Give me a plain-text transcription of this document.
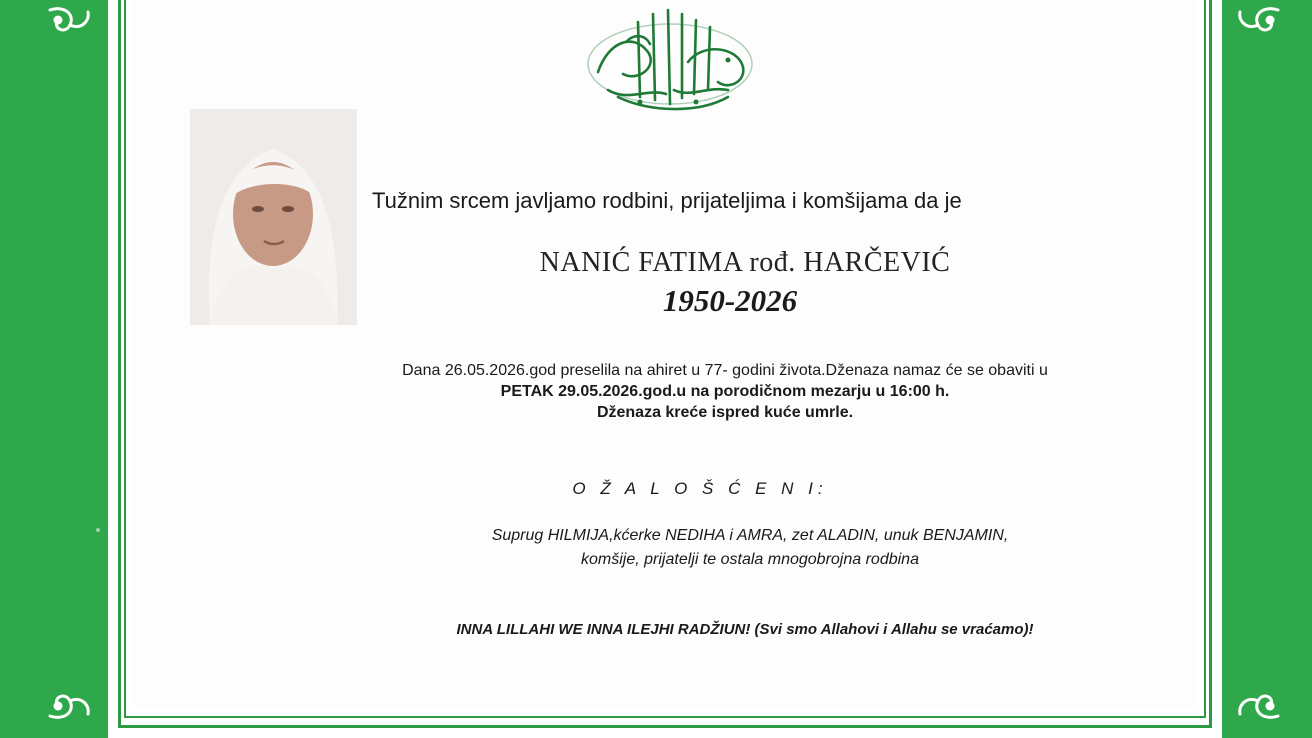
Tužnim srcem javljamo rodbini, prijateljima i komšijama da je
NANIĆ FATIMA rođ. HARČEVIĆ
1950-2026
Dana 26.05.2026.god preselila na ahiret u 77- godini života.Dženaza namaz će se obaviti u
PETAK 29.05.2026.god.u na porodičnom mezarju u 16:00 h.
Dženaza kreće ispred kuće umrle.
O Ž A L O Š Ć E N I:
Suprug HILMIJA,kćerke NEDIHA i AMRA, zet ALADIN, unuk BENJAMIN,
komšije, prijatelji te ostala mnogobrojna rodbina
INNA LILLAHI WE INNA ILEJHI RADŽIUN! (Svi smo Allahovi i Allahu se vraćamo)!
